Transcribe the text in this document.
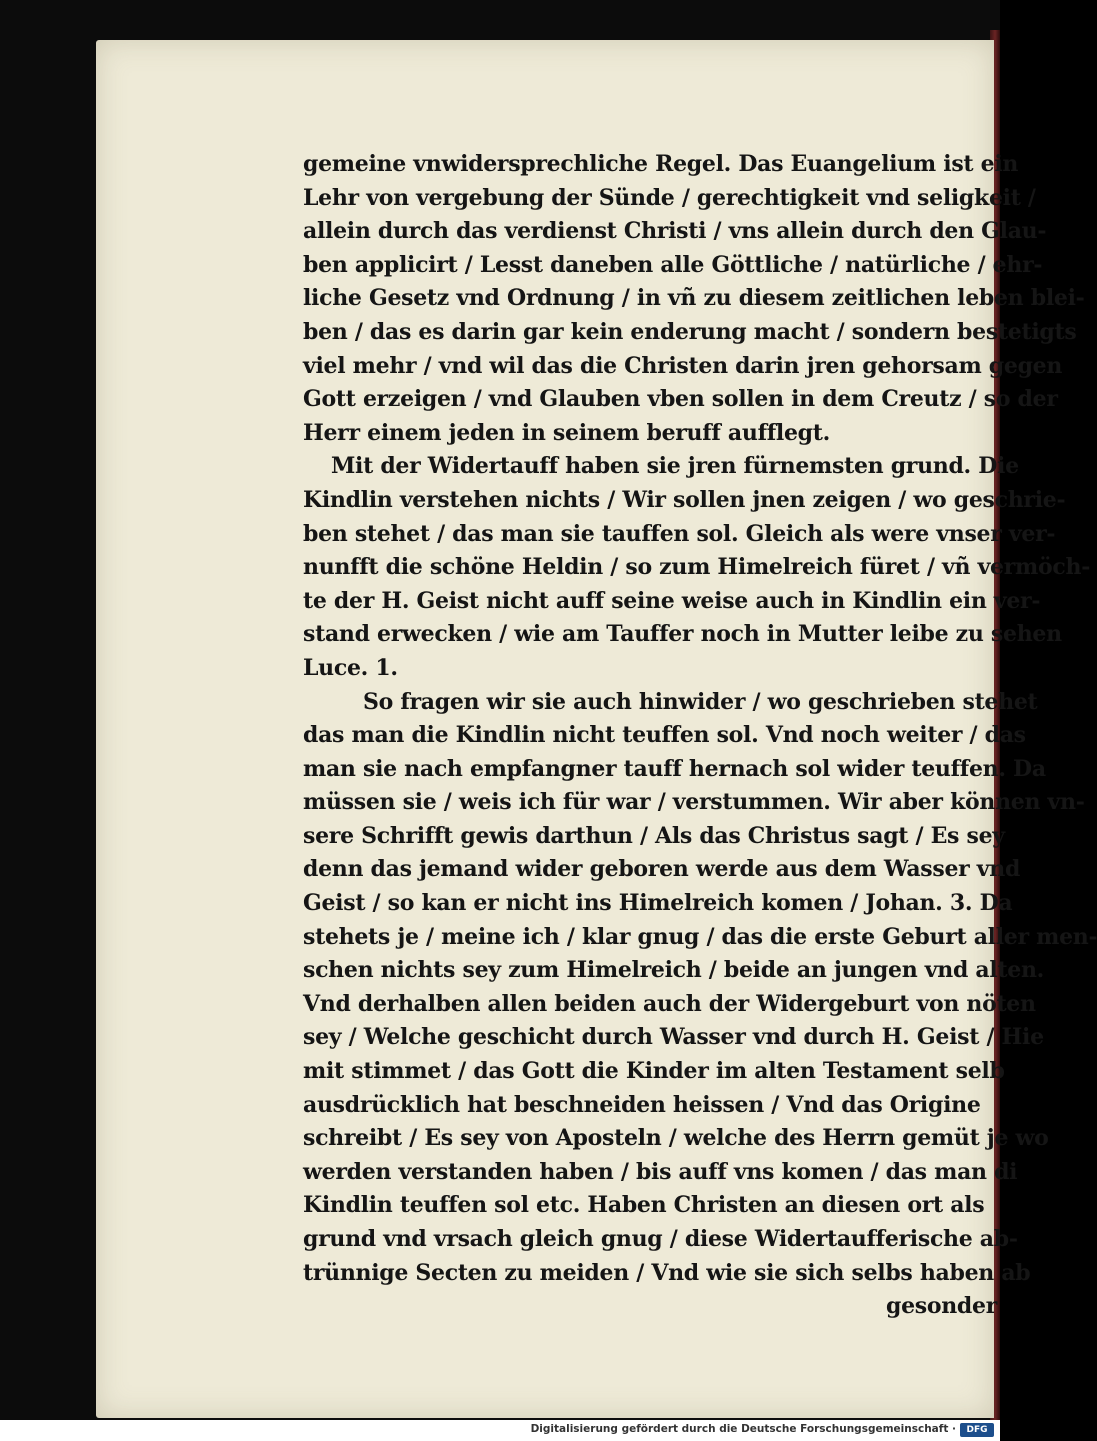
gemeine vnwidersprechliche Regel. Das Euangelium ist ein
Lehr von vergebung der Sünde / gerechtigkeit vnd seligkeit /
allein durch das verdienst Christi / vns allein durch den Glau-
ben applicirt / Lesst daneben alle Göttliche / natürliche / ehr-
liche Gesetz vnd Ordnung / in vñ zu diesem zeitlichen leben blei-
ben / das es darin gar kein enderung macht / sondern bestetigts
viel mehr / vnd wil das die Christen darin jren gehorsam gegen
Gott erzeigen / vnd Glauben vben sollen in dem Creutz / so der
Herr einem jeden in seinem beruff aufflegt.
Mit der Widertauff haben sie jren fürnemsten grund. Die
Kindlin verstehen nichts / Wir sollen jnen zeigen / wo geschrie-
ben stehet / das man sie tauffen sol. Gleich als were vnser ver-
nunfft die schöne Heldin / so zum Himelreich füret / vñ vermöch-
te der H. Geist nicht auff seine weise auch in Kindlin ein ver-
stand erwecken / wie am Tauffer noch in Mutter leibe zu sehen
Luce. 1.
So fragen wir sie auch hinwider / wo geschrieben stehet
das man die Kindlin nicht teuffen sol. Vnd noch weiter / das
man sie nach empfangner tauff hernach sol wider teuffen. Da
müssen sie / weis ich für war / verstummen. Wir aber können vn-
sere Schrifft gewis darthun / Als das Christus sagt / Es sey
denn das jemand wider geboren werde aus dem Wasser vnd
Geist / so kan er nicht ins Himelreich komen / Johan. 3. Da
stehets je / meine ich / klar gnug / das die erste Geburt aller men-
schen nichts sey zum Himelreich / beide an jungen vnd alten.
Vnd derhalben allen beiden auch der Widergeburt von nöten
sey / Welche geschicht durch Wasser vnd durch H. Geist / Hie
mit stimmet / das Gott die Kinder im alten Testament selb
ausdrücklich hat beschneiden heissen / Vnd das Origine
schreibt / Es sey von Aposteln / welche des Herrn gemüt je wo
werden verstanden haben / bis auff vns komen / das man di
Kindlin teuffen sol etc. Haben Christen an diesen ort als
grund vnd vrsach gleich gnug / diese Widertaufferische ab-
trünnige Secten zu meiden / Vnd wie sie sich selbs haben ab
gesonder
Digitalisierung gefördert durch die Deutsche Forschungsgemeinschaft ·	DFG
